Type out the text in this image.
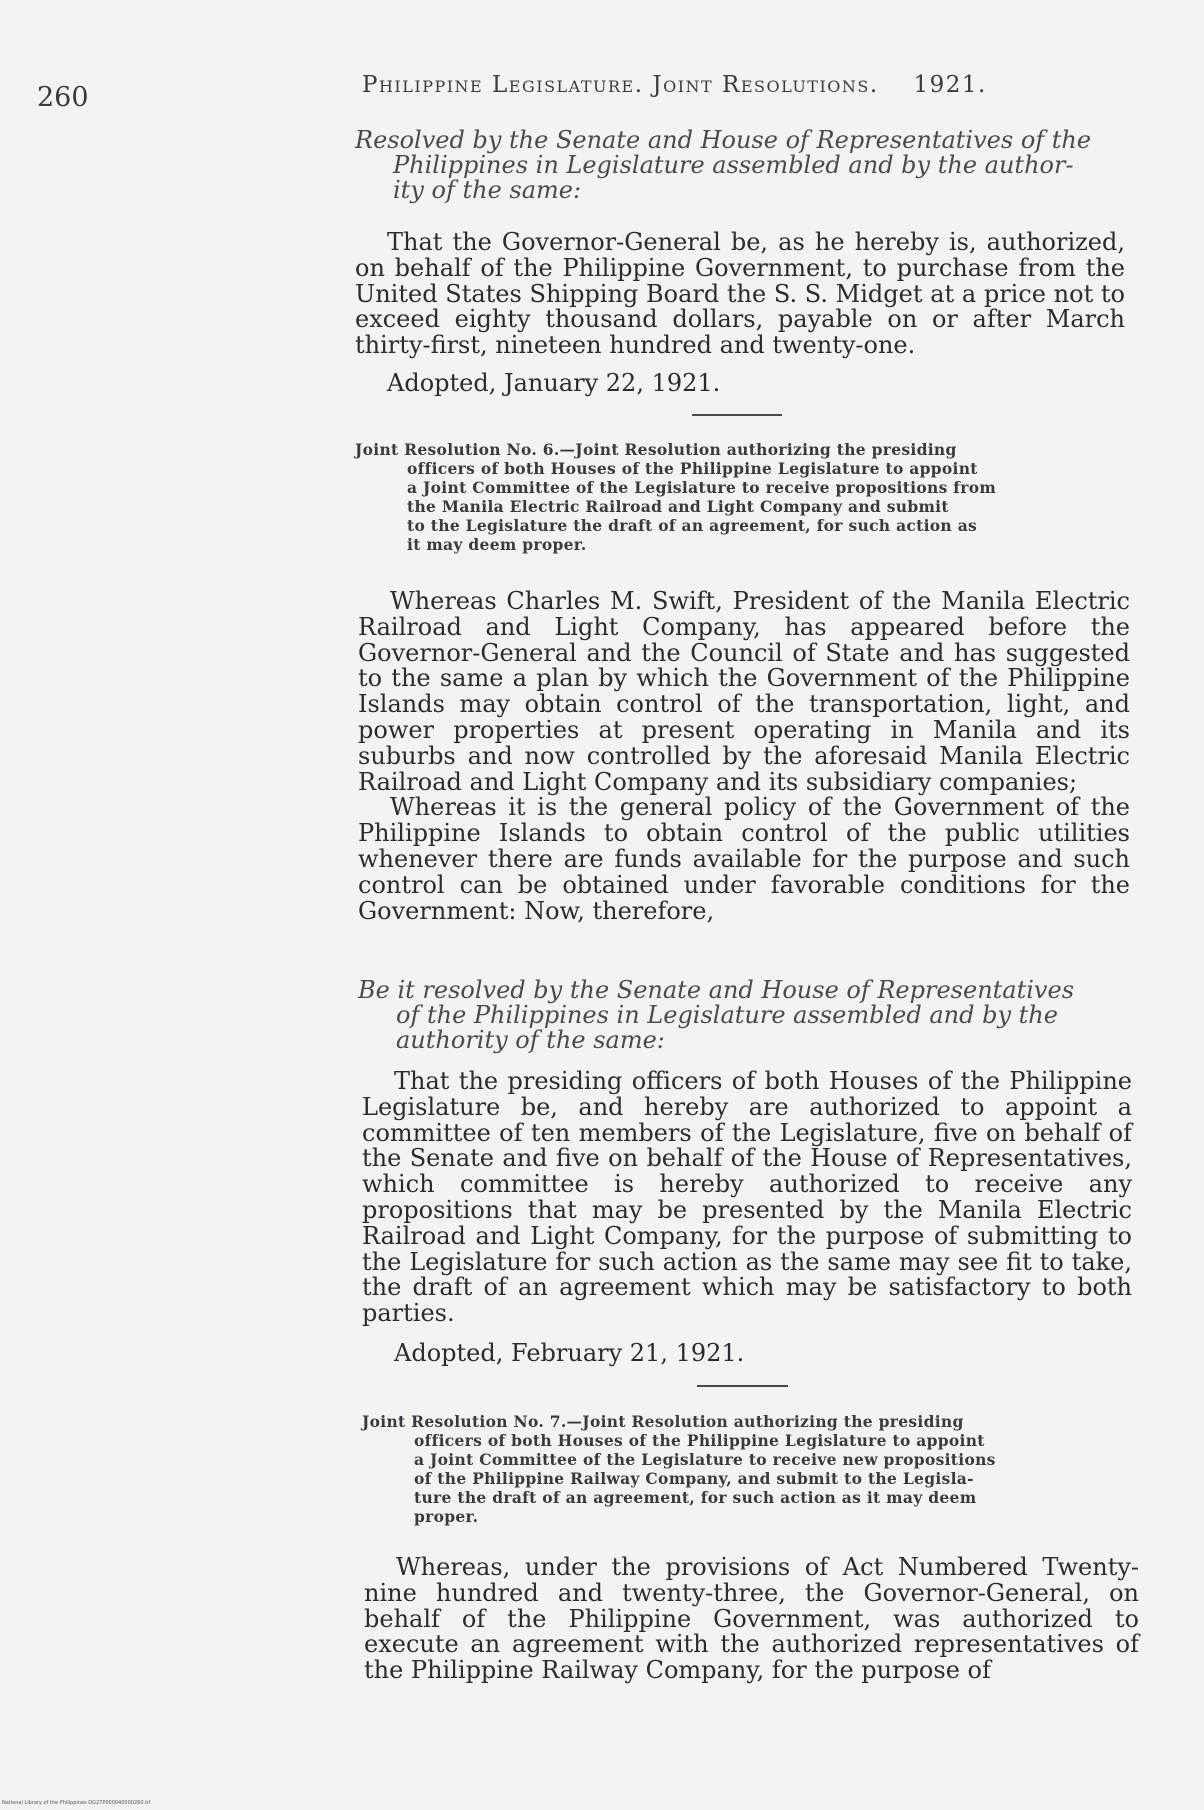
260	Philippine Legislature. Joint Resolutions. 1921.
Resolved by the Senate and House of Representatives of the
Philippines in Legislature assembled and by the author-
ity of the same:
That the Governor-General be, as he hereby is, authorized, on behalf of the Philippine Government, to purchase from the United States Shipping Board the S. S. Midget at a price not to exceed eighty thousand dollars, payable on or after March thirty-first, nineteen hundred and twenty-one.
Adopted, January 22, 1921.
Joint Resolution No. 6.—Joint Resolution authorizing the presiding
officers of both Houses of the Philippine Legislature to appoint
a Joint Committee of the Legislature to receive propositions from
the Manila Electric Railroad and Light Company and submit
to the Legislature the draft of an agreement, for such action as
it may deem proper.
Whereas Charles M. Swift, President of the Manila Electric Railroad and Light Company, has appeared before the Governor-General and the Council of State and has suggested to the same a plan by which the Government of the Philippine Islands may obtain control of the transportation, light, and power properties at present operating in Manila and its suburbs and now controlled by the aforesaid Manila Electric Railroad and Light Company and its subsidiary companies;
Whereas it is the general policy of the Government of the Philippine Islands to obtain control of the public utilities whenever there are funds available for the purpose and such control can be obtained under favorable conditions for the Government: Now, therefore,
Be it resolved by the Senate and House of Representatives
of the Philippines in Legislature assembled and by the
authority of the same:
That the presiding officers of both Houses of the Philippine Legislature be, and hereby are authorized to appoint a committee of ten members of the Legislature, five on behalf of the Senate and five on behalf of the House of Representatives, which committee is hereby authorized to receive any propositions that may be presented by the Manila Electric Railroad and Light Company, for the purpose of submitting to the Legislature for such action as the same may see fit to take, the draft of an agreement which may be satisfactory to both parties.
Adopted, February 21, 1921.
Joint Resolution No. 7.—Joint Resolution authorizing the presiding
officers of both Houses of the Philippine Legislature to appoint
a Joint Committee of the Legislature to receive new propositions
of the Philippine Railway Company, and submit to the Legisla-
ture the draft of an agreement, for such action as it may deem
proper.
Whereas, under the provisions of Act Numbered Twenty-nine hundred and twenty-three, the Governor-General, on behalf of the Philippine Government, was authorized to execute an agreement with the authorized representatives of the Philippine Railway Company, for the purpose of
National Library of the Philippines DG27P000040000260.tif
